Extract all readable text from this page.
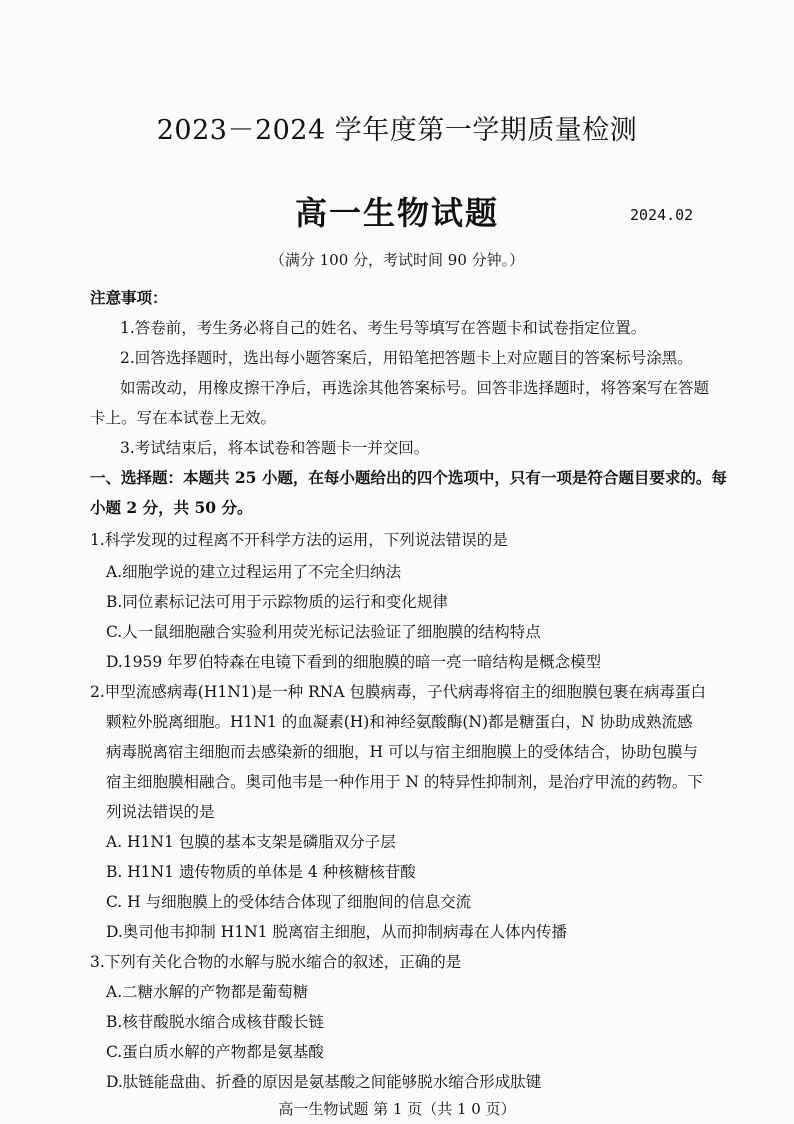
2023－2024 学年度第一学期质量检测
高一生物试题	2024.02
（满分 100 分，考试时间 90 分钟。）
注意事项：
1.答卷前，考生务必将自己的姓名、考生号等填写在答题卡和试卷指定位置。
2.回答选择题时，选出每小题答案后，用铅笔把答题卡上对应题目的答案标号涂黑。
如需改动，用橡皮擦干净后，再选涂其他答案标号。回答非选择题时，将答案写在答题
卡上。写在本试卷上无效。
3.考试结束后，将本试卷和答题卡一并交回。
一、选择题：本题共 25 小题，在每小题给出的四个选项中，只有一项是符合题目要求的。每
小题 2 分，共 50 分。
1.科学发现的过程离不开科学方法的运用，下列说法错误的是
A.细胞学说的建立过程运用了不完全归纳法
B.同位素标记法可用于示踪物质的运行和变化规律
C.人一鼠细胞融合实验利用荧光标记法验证了细胞膜的结构特点
D.1959 年罗伯特森在电镜下看到的细胞膜的暗一亮一暗结构是概念模型
2.甲型流感病毒(H1N1)是一种 RNA 包膜病毒，子代病毒将宿主的细胞膜包裹在病毒蛋白
颗粒外脱离细胞。H1N1 的血凝素(H)和神经氨酸酶(N)都是糖蛋白，N 协助成熟流感
病毒脱离宿主细胞而去感染新的细胞，H 可以与宿主细胞膜上的受体结合，协助包膜与
宿主细胞膜相融合。奥司他韦是一种作用于 N 的特异性抑制剂，是治疗甲流的药物。下
列说法错误的是
A. H1N1 包膜的基本支架是磷脂双分子层
B. H1N1 遗传物质的单体是 4 种核糖核苷酸
C. H 与细胞膜上的受体结合体现了细胞间的信息交流
D.奥司他韦抑制 H1N1 脱离宿主细胞，从而抑制病毒在人体内传播
3.下列有关化合物的水解与脱水缩合的叙述，正确的是
A.二糖水解的产物都是葡萄糖
B.核苷酸脱水缩合成核苷酸长链
C.蛋白质水解的产物都是氨基酸
D.肽链能盘曲、折叠的原因是氨基酸之间能够脱水缩合形成肽键
高一生物试题 第 1 页（共 1 0 页）
